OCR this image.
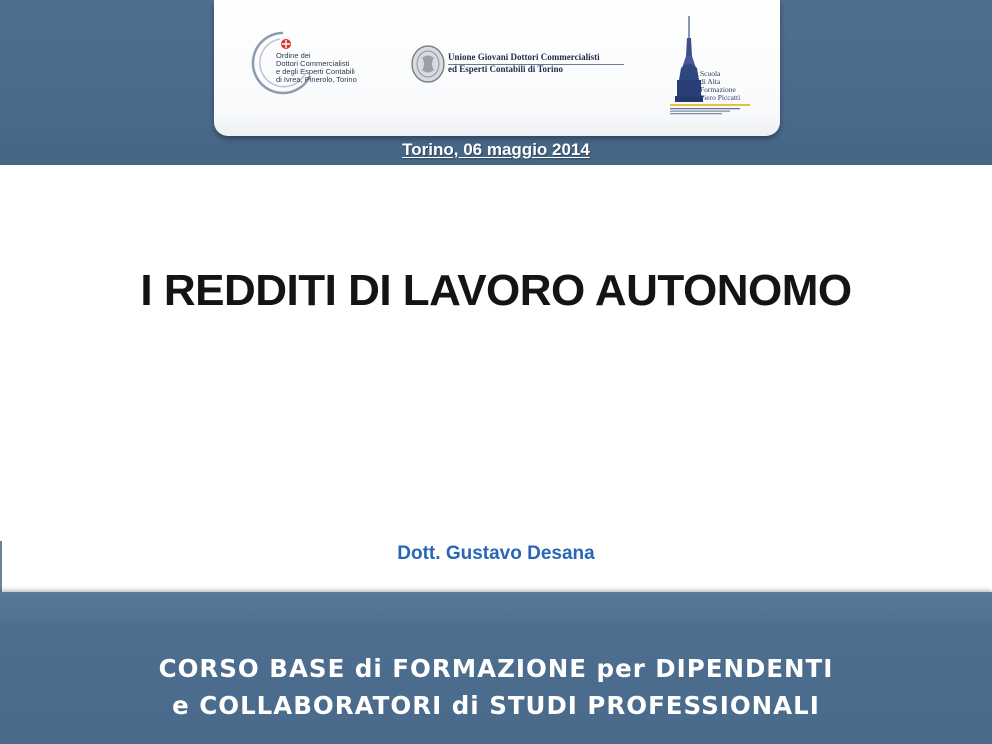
Ordine dei
Dottori Commercialisti
e degli Esperti Contabili
di Ivrea, Pinerolo, Torino
Unione Giovani Dottori Commercialisti
ed Esperti Contabili di Torino	Scuola
di Alta
Formazione
Piero Piccatti
Torino, 06 maggio 2014
I REDDITI DI LAVORO AUTONOMO
Dott. Gustavo Desana
CORSO BASE di FORMAZIONE per DIPENDENTI
e COLLABORATORI di STUDI PROFESSIONALI
